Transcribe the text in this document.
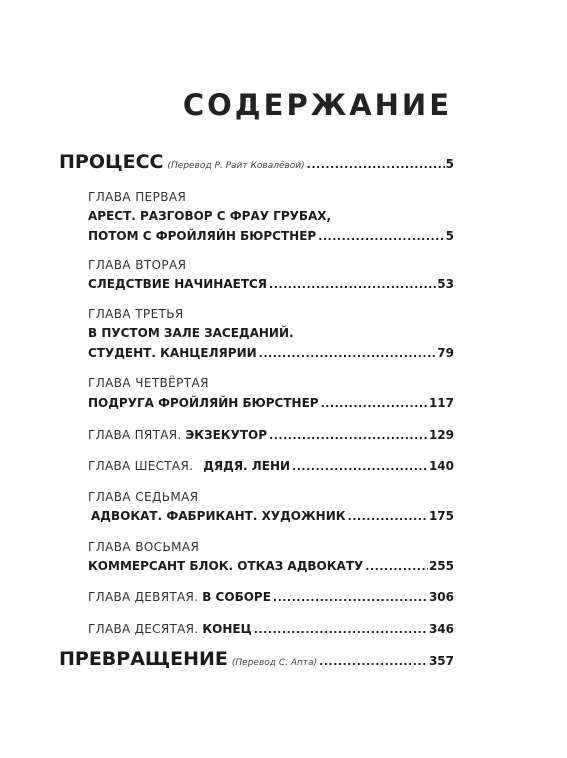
СОДЕРЖАНИЕ
ПРОЦЕСС (Перевод Р. Райт Ковалёвой) .....	5
ГЛАВА ПЕРВАЯ
АРЕСТ. РАЗГОВОР С ФРАУ ГРУБАХ,
ПОТОМ С ФРОЙЛЯЙН БЮРСТНЕР .....	5
ГЛАВА ВТОРАЯ
СЛЕДСТВИЕ НАЧИНАЕТСЯ .....	53
ГЛАВА ТРЕТЬЯ
В ПУСТОМ ЗАЛЕ ЗАСЕДАНИЙ.
СТУДЕНТ. КАНЦЕЛЯРИИ .....	79
ГЛАВА ЧЕТВЁРТАЯ
ПОДРУГА ФРОЙЛЯЙН БЮРСТНЕР .....	117
ГЛАВА ПЯТАЯ. ЭКЗЕКУТОР .....	129
ГЛАВА ШЕСТАЯ. ДЯДЯ. ЛЕНИ .....	140
ГЛАВА СЕДЬМАЯ
АДВОКАТ. ФАБРИКАНТ. ХУДОЖНИК .....	175
ГЛАВА ВОСЬМАЯ
КОММЕРСАНТ БЛОК. ОТКАЗ АДВОКАТУ .....	255
ГЛАВА ДЕВЯТАЯ. В СОБОРЕ .....	306
ГЛАВА ДЕСЯТАЯ. КОНЕЦ .....	346
ПРЕВРАЩЕНИЕ (Перевод С. Апта) .....	357
